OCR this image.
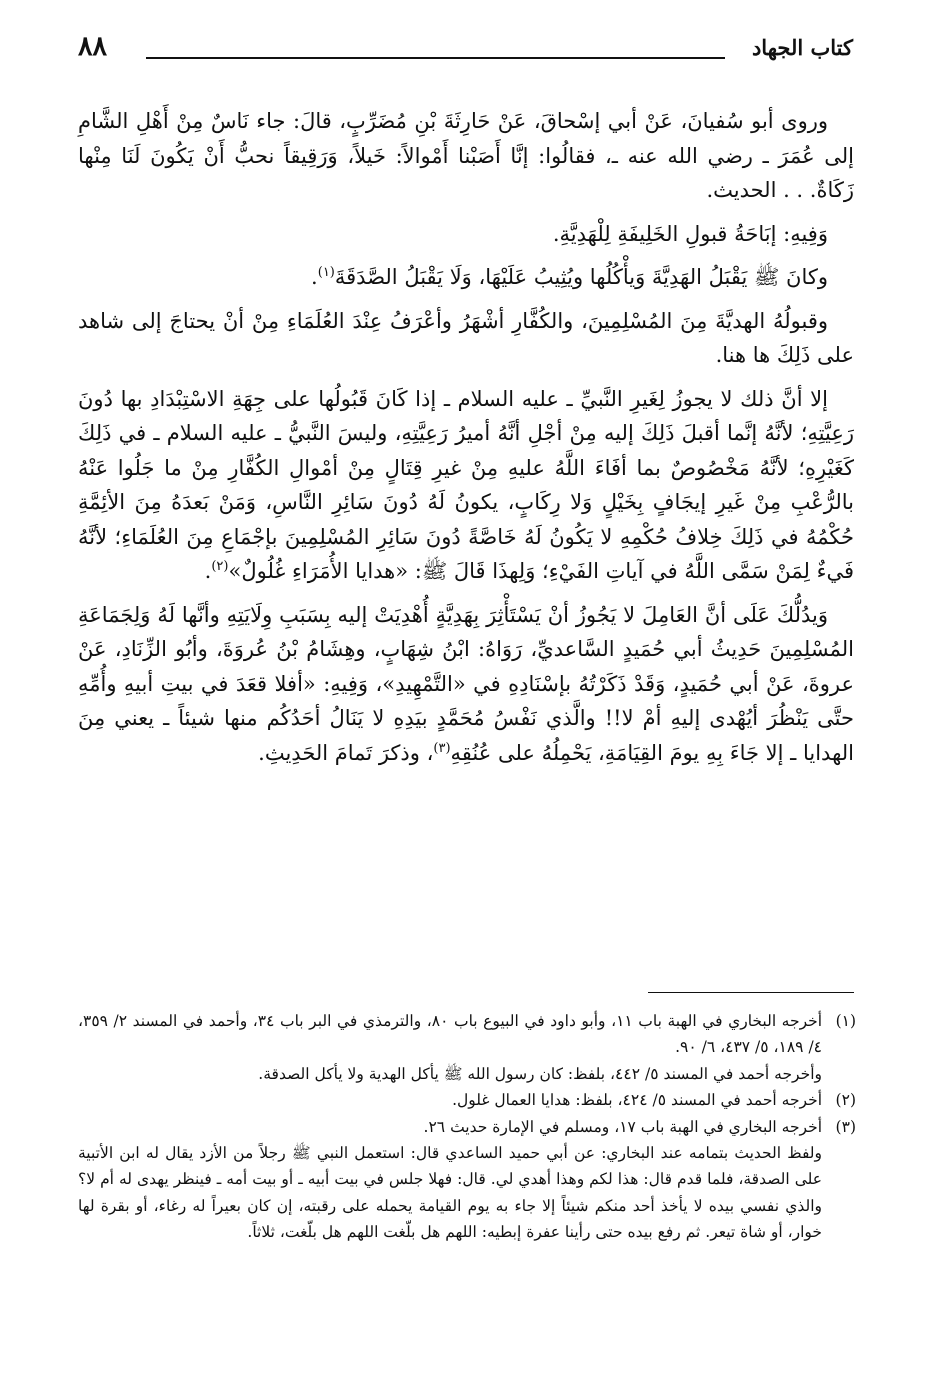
كتاب الجهاد
٨٨

وروى أبو سُفيانَ، عَنْ أبي إسْحاقَ، عَنْ حَارِثَةَ بْنِ مُضَرِّبٍ، قالَ: جاء نَاسٌ مِنْ أَهْلِ الشَّامِ إلى عُمَرَ ـ رضي الله عنه ـ، فقالُوا: إنَّا أَصَبْنا أَمْوالاً: خَيلاً، وَرَقِيقاً نحبُّ أَنْ يَكُونَ لَنَا مِنْها زَكَاةٌ. . . الحديث.

وَفِيهِ: إبَاحَةُ قبولِ الخَلِيفَةِ لِلْهَدِيَّةِ.

وكانَ ﷺ يَقْبَلُ الهَدِيَّةَ وَيأْكُلُها ويُثِيبُ عَلَيْهَا، وَلَا يَقْبَلُ الصَّدَقَةَ$^{(١)}$.

وقبولُهُ الهديَّةَ مِنَ المُسْلِمِينَ، والكُفَّارِ أشْهَرُ وأعْرَفُ عِنْدَ العُلَمَاءِ مِنْ أنْ يحتاجَ إلى شاهد على ذَلِكَ ها هنا.

إلا أنَّ ذلك لا يجوزُ لِغَيرِ النَّبيِّ ـ عليه السلام ـ إذا كَانَ قَبُولُها على جِهَةِ الاسْتِبْدَادِ بها دُونَ رَعِيَّتِهِ؛ لأنَّهُ إنَّما أقبلَ ذَلِكَ إليه مِنْ أجْلِ أنَّهُ أميرُ رَعِيَّتِهِ، وليسَ النَّبيُّ ـ عليه السلام ـ في ذَلِكَ كَغَيْرِهِ؛ لأنَّهُ مَخْصُوصٌ بما أفَاءَ اللَّهُ عليهِ مِنْ غيرِ قِتَالٍ مِنْ أمْوالِ الكُفَّارِ مِنْ ما جَلُوا عَنْهُ بالرُّعْبِ مِنْ غَيرِ إيجَافٍ بِخَيْلٍ وَلا رِكَابٍ، يكونُ لَهُ دُونَ سَائِرِ النَّاسِ، وَمَنْ بَعدَهُ مِنَ الأئِمَّةِ حُكْمُهُ في ذَلِكَ خِلافُ حُكْمِهِ لا يَكُونُ لَهُ خَاصَّةً دُونَ سَائِرِ المُسْلِمِينَ بإجْمَاعِ مِنَ العُلَمَاءِ؛ لأنَّهُ فَيءٌ لِمَنْ سَمَّى اللَّهُ في آياتِ الفَيْءِ؛ وَلِهذَا قَالَ ﷺ: «هدايا الأُمَرَاءِ غُلُولٌ»$^{(٢)}$.

وَيدُلُّكَ عَلَى أنَّ العَامِلَ لا يَجُوزُ أنْ يَسْتَأْثِرَ بِهَدِيَّةٍ أُهْدِيَتْ إليه بِسَبَبِ وِلَايَتِهِ وأنَّها لَهُ وَلِجَمَاعَةِ المُسْلِمِينَ حَدِيثُ أبي حُمَيدٍ السَّاعديِّ، رَوَاهُ: ابْنُ شِهَابٍ، وهِشَامُ بْنُ عُروَةَ، وأبُو الزِّنَادِ، عَنْ عروةَ، عَنْ أبي حُمَيدٍ، وَقَدْ ذَكَرْتُهُ بإسْنَادِهِ في «التَّمْهِيدِ»، وَفِيهِ: «أفلا قعَدَ في بيتِ أبيهِ وأُمِّهِ حتَّى يَنْظُرَ أيُهْدى إليهِ أمْ لا!! والَّذي نَفْسُ مُحَمَّدٍ بيَدِهِ لا يَنَالُ أحَدُكُم منها شيئاً ـ يعني مِنَ الهدايا ـ إلا جَاءَ بِهِ يومَ القِيَامَةِ، يَحْمِلُهُ على عُنُقِهِ$^{(٣)}$، وذكرَ تَمامَ الحَدِيثِ.

(١)أخرجه البخاري في الهبة باب ١١، وأبو داود في البيوع باب ٨٠، والترمذي في البر باب ٣٤، وأحمد في المسند ٢/ ٣٥٩، ٤/ ١٨٩، ٥/ ٤٣٧، ٦/ ٩٠.

وأخرجه أحمد في المسند ٥/ ٤٤٢، بلفظ: كان رسول الله ﷺ يأكل الهدية ولا يأكل الصدقة.

(٢)أخرجه أحمد في المسند ٥/ ٤٢٤، بلفظ: هدايا العمال غلول.

(٣)أخرجه البخاري في الهبة باب ١٧، ومسلم في الإمارة حديث ٢٦.

ولفظ الحديث بتمامه عند البخاري: عن أبي حميد الساعدي قال: استعمل النبي ﷺ رجلاً من الأزد يقال له ابن الأتبية على الصدقة، فلما قدم قال: هذا لكم وهذا أهدي لي. قال: فهلا جلس في بيت أبيه ـ أو بيت أمه ـ فينظر يهدى له أم لا؟ والذي نفسي بيده لا يأخذ أحد منكم شيئاً إلا جاء به يوم القيامة يحمله على رقبته، إن كان بعيراً له رغاء، أو بقرة لها خوار، أو شاة تيعر. ثم رفع بيده حتى رأينا عفرة إبطيه: اللهم هل بلّغت اللهم هل بلّغت، ثلاثاً.
